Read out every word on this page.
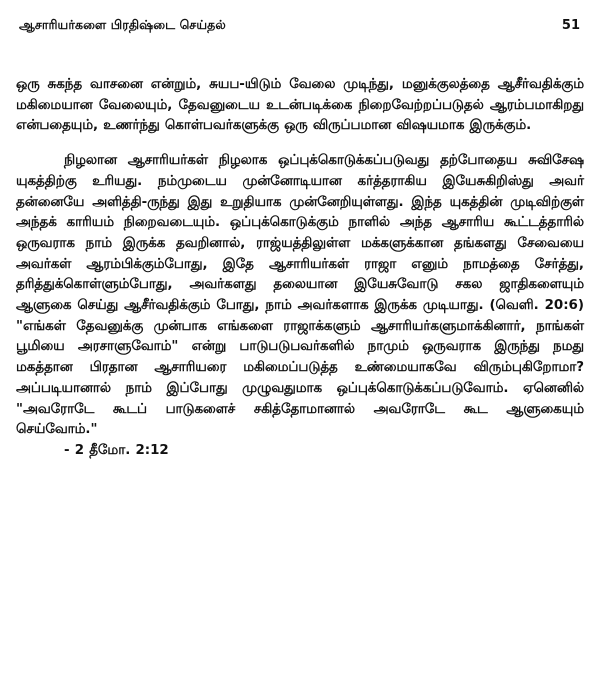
ஆசாரியர்களை பிரதிஷ்டை செய்தல்	51

ஒரு சுகந்த வாசனை என்றும், சுயப-யிடும் வேலை முடிந்து, மனுக்குலத்தை ஆசீர்வதிக்கும் மகிமையான வேலையும், தேவனுடைய உடன்படிக்கை நிறைவேற்றப்படுதல் ஆரம்பமாகிறது என்பதையும், உணர்ந்து கொள்பவர்களுக்கு ஒரு விருப்பமான விஷயமாக இருக்கும்.

நிழலான ஆசாரியர்கள் நிழலாக ஒப்புக்கொடுக்கப்படுவது தற்போதைய சுவிசேஷ யுகத்திற்கு உரியது. நம்முடைய முன்னோடியான கர்த்தராகிய இயேசுகிறிஸ்து அவர் தன்னையே அளித்தி-ருந்து இது உறுதியாக முன்னேறியுள்ளது. இந்த யுகத்தின் முடிவிற்குள் அந்தக் காரியம் நிறைவடையும். ஒப்புக்கொடுக்கும் நாளில் அந்த ஆசாரிய கூட்டத்தாரில் ஒருவராக நாம் இருக்க தவறினால், ராஜ்யத்திலுள்ள மக்களுக்கான தங்களது சேவையை அவர்கள் ஆரம்பிக்கும்போது, இதே ஆசாரியர்கள் ராஜா எனும் நாமத்தை சேர்த்து, தரித்துக்கொள்ளும்போது, அவர்களது தலையான இயேசுவோடு சகல ஜாதிகளையும் ஆளுகை செய்து ஆசீர்வதிக்கும் போது, நாம் அவர்களாக இருக்க முடியாது. (வெளி. 20:6) "எங்கள் தேவனுக்கு முன்பாக எங்களை ராஜாக்களும் ஆசாரியர்களுமாக்கினார், நாங்கள் பூமியை அரசாளுவோம்" என்று பாடுபடுபவர்களில் நாமும் ஒருவராக இருந்து நமது மகத்தான பிரதான ஆசாரியரை மகிமைப்படுத்த உண்மையாகவே விரும்புகிறோமா? அப்படியானால் நாம் இப்போது முழுவதுமாக ஒப்புக்கொடுக்கப்படுவோம். ஏனெனில் "அவரோடே கூடப் பாடுகளைச் சகித்தோமானால் அவரோடே கூட ஆளுகையும் செய்வோம்."
- 2 தீமோ. 2:12
